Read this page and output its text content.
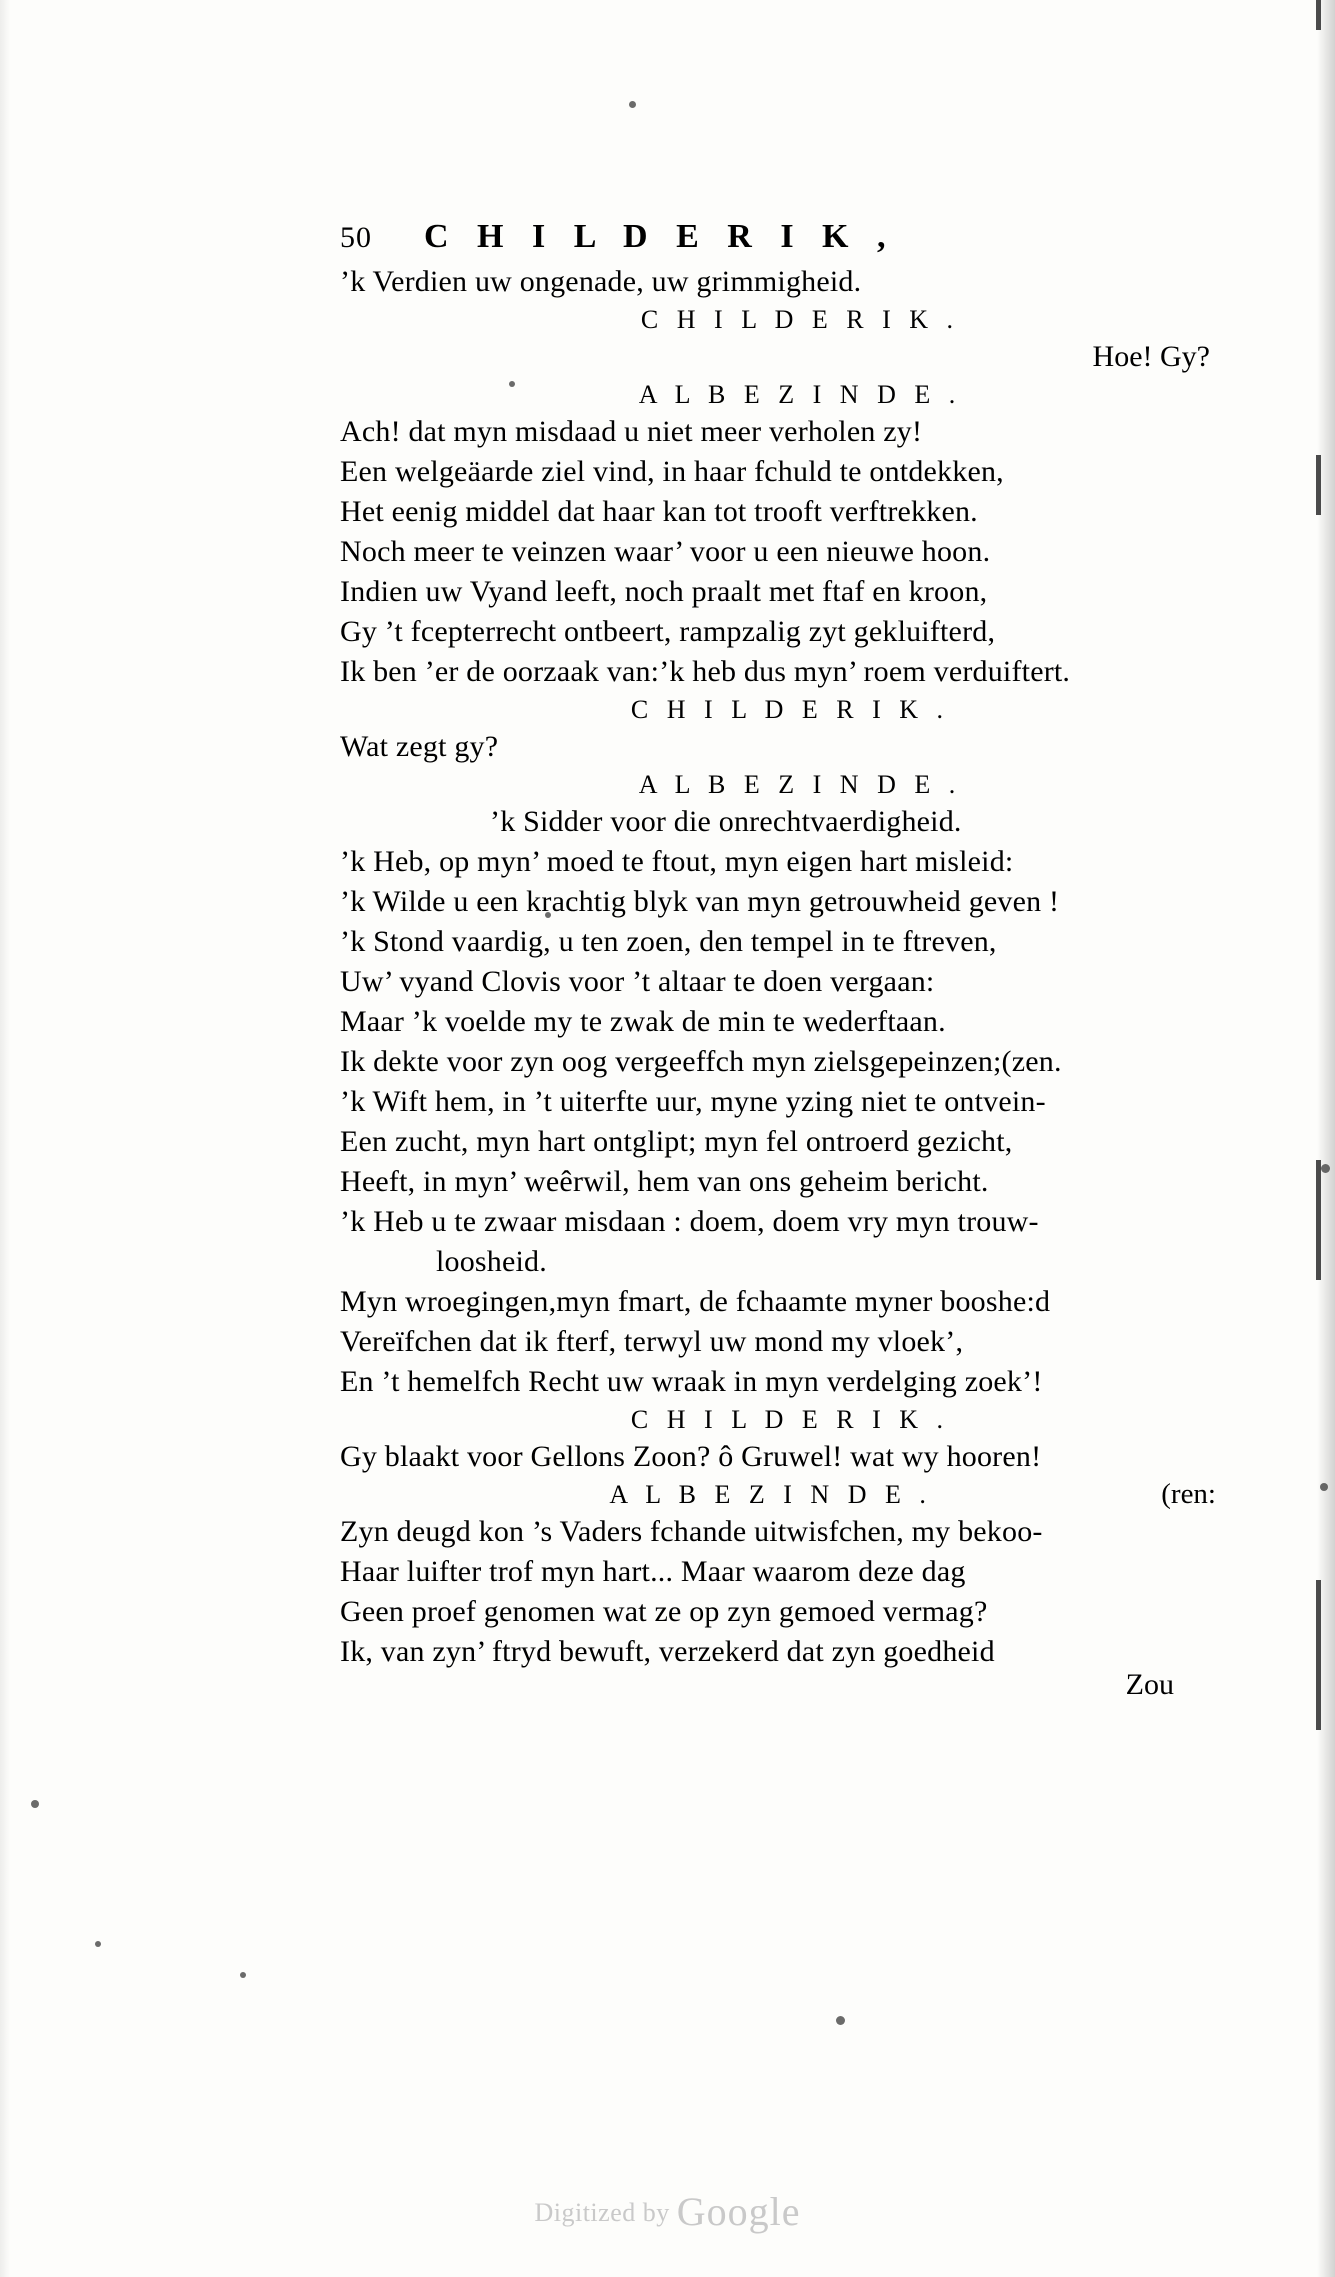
50 C H I L D E R I K ,
’k Verdien uw ongenade, uw grimmigheid.
C H I L D E R I K .
Hoe! Gy?
A L B E Z I N D E .
Ach! dat myn misdaad u niet meer verholen zy!
Een welgeäarde ziel vind, in haar fchuld te ontdekken,
Het eenig middel dat haar kan tot trooft verftrekken.
Noch meer te veinzen waar’ voor u een nieuwe hoon.
Indien uw Vyand leeft, noch praalt met ftaf en kroon,
Gy ’t fcepterrecht ontbeert, rampzalig zyt gekluifterd,
Ik ben ’er de oorzaak van:’k heb dus myn’ roem verduiftert.
C H I L D E R I K .
Wat zegt gy?
A L B E Z I N D E .
’k Sidder voor die onrechtvaerdigheid.
’k Heb, op myn’ moed te ftout, myn eigen hart misleid:
’k Wilde u een krachtig blyk van myn getrouwheid geven !
’k Stond vaardig, u ten zoen, den tempel in te ftreven,
Uw’ vyand Clovis voor ’t altaar te doen vergaan:
Maar ’k voelde my te zwak de min te wederftaan.
Ik dekte voor zyn oog vergeeffch myn zielsgepeinzen;(zen.
’k Wift hem, in ’t uiterfte uur, myne yzing niet te ontvein-
Een zucht, myn hart ontglipt; myn fel ontroerd gezicht,
Heeft, in myn’ weêrwil, hem van ons geheim bericht.
’k Heb u te zwaar misdaan : doem, doem vry myn trouw-
loosheid.
Myn wroegingen,myn fmart, de fchaamte myner booshe:d
Vereïfchen dat ik fterf, terwyl uw mond my vloek’,
En ’t hemelfch Recht uw wraak in myn verdelging zoek’!
C H I L D E R I K .
Gy blaakt voor Gellons Zoon? ô Gruwel! wat wy hooren!
A L B E Z I N D E .	(ren:
Zyn deugd kon ’s Vaders fchande uitwisfchen, my bekoo-
Haar luifter trof myn hart... Maar waarom deze dag
Geen proef genomen wat ze op zyn gemoed vermag?
Ik, van zyn’ ftryd bewuft, verzekerd dat zyn goedheid
Zou
Digitized by Google
